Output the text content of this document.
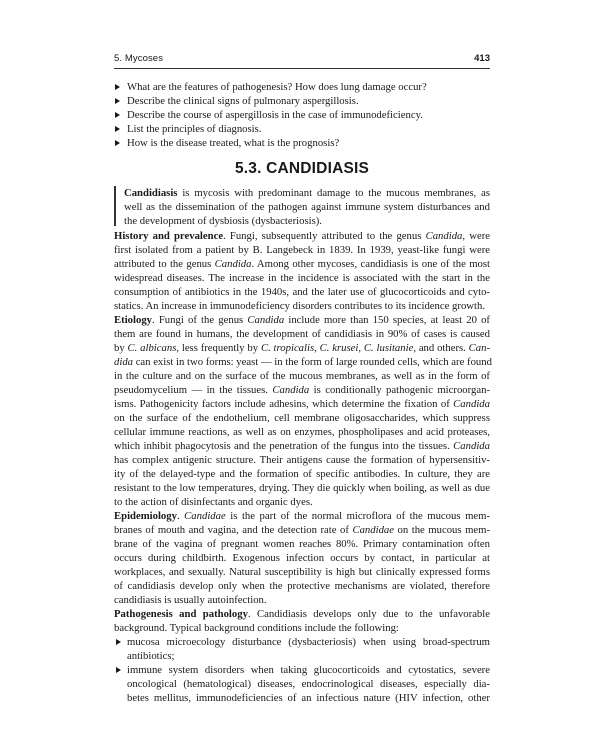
5. Mycoses	413
What are the features of pathogenesis? How does lung damage occur?
Describe the clinical signs of pulmonary aspergillosis.
Describe the course of aspergillosis in the case of immunodeficiency.
List the principles of diagnosis.
How is the disease treated, what is the prognosis?
5.3. CANDIDIASIS
Candidiasis is mycosis with predominant damage to the mucous membranes, as
well as the dissemination of the pathogen against immune system disturbances and
the development of dysbiosis (dysbacteriosis).

History and prevalence. Fungi, subsequently attributed to the genus Candida, were
first isolated from a patient by B. Langebeck in 1839. In 1939, yeast-like fungi were
attributed to the genus Candida. Among other mycoses, candidiasis is one of the most
widespread diseases. The increase in the incidence is associated with the start in the
consumption of antibiotics in the 1940s, and the later use of glucocorticoids and cyto-
statics. An increase in immunodeficiency disorders contributes to its incidence growth.

Etiology. Fungi of the genus Candida include more than 150 species, at least 20 of
them are found in humans, the development of candidiasis in 90% of cases is caused
by C. albicans, less frequently by C. tropicalis, C. krusei, C. lusitanie, and others. Can-
dida can exist in two forms: yeast — in the form of large rounded cells, which are found
in the culture and on the surface of the mucous membranes, as well as in the form of
pseudomycelium — in the tissues. Candida is conditionally pathogenic microorgan-
isms. Pathogenicity factors include adhesins, which determine the fixation of Candida
on the surface of the endothelium, cell membrane oligosaccharides, which suppress
cellular immune reactions, as well as on enzymes, phospholipases and acid proteases,
which inhibit phagocytosis and the penetration of the fungus into the tissues. Candida
has complex antigenic structure. Their antigens cause the formation of hypersensitiv-
ity of the delayed-type and the formation of specific antibodies. In culture, they are
resistant to the low temperatures, drying. They die quickly when boiling, as well as due
to the action of disinfectants and organic dyes.

Epidemiology. Candidae is the part of the normal microflora of the mucous mem-
branes of mouth and vagina, and the detection rate of Candidae on the mucous mem-
brane of the vagina of pregnant women reaches 80%. Primary contamination often
occurs during childbirth. Exogenous infection occurs by contact, in particular at
workplaces, and sexually. Natural susceptibility is high but clinically expressed forms
of candidiasis develop only when the protective mechanisms are violated, therefore
candidiasis is usually autoinfection.

Pathogenesis and pathology. Candidiasis develops only due to the unfavorable
background. Typical background conditions include the following:

mucosa microecology disturbance (dysbacteriosis) when using broad-spectrum
antibiotics;
immune system disorders when taking glucocorticoids and cytostatics, severe
oncological (hematological) diseases, endocrinological diseases, especially dia-
betes mellitus, immunodeficiencies of an infectious nature (HIV infection, other
